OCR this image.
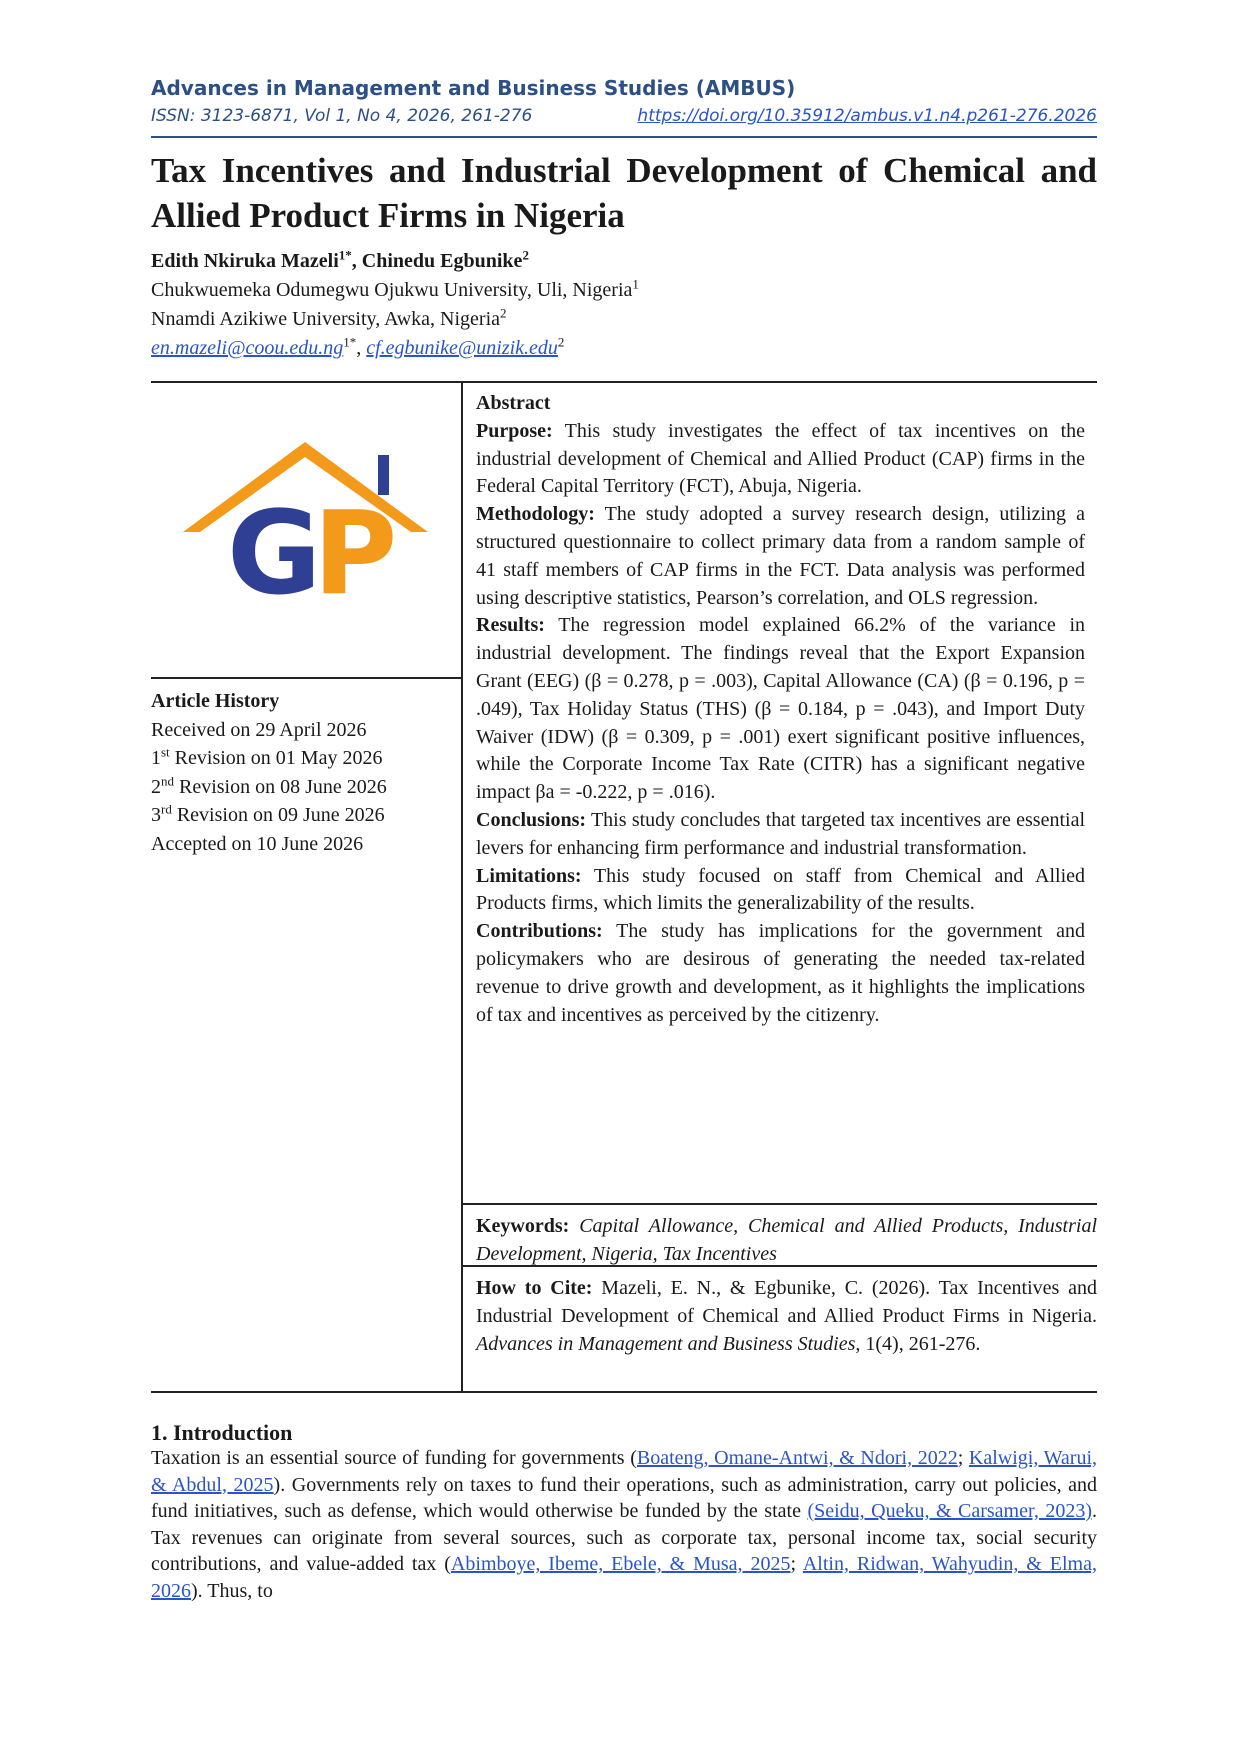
Advances in Management and Business Studies (AMBUS)
ISSN: 3123-6871, Vol 1, No 4, 2026, 261-276	https://doi.org/10.35912/ambus.v1.n4.p261-276.2026
Tax Incentives and Industrial Development of Chemical and Allied Product Firms in Nigeria
Edith Nkiruka Mazeli$^{1*}$, Chinedu Egbunike$^2$
Chukwuemeka Odumegwu Ojukwu University, Uli, Nigeria$^1$
Nnamdi Azikiwe University, Awka, Nigeria$^2$
$en.mazeli@coou.edu.ng^{1*}$, cf.egbunike@unizik.edu$^2$
G
P
Article History
Received on 29 April 2026
1st Revision on 01 May 2026
2nd Revision on 08 June 2026
3rd Revision on 09 June 2026
Accepted on 10 June 2026

Abstract

Purpose: This study investigates the effect of tax incentives on the industrial development of Chemical and Allied Product (CAP) firms in the Federal Capital Territory (FCT), Abuja, Nigeria.

Methodology: The study adopted a survey research design, utilizing a structured questionnaire to collect primary data from a random sample of 41 staff members of CAP firms in the FCT. Data analysis was performed using descriptive statistics, Pearson’s correlation, and OLS regression.

Results: The regression model explained 66.2% of the variance in industrial development. The findings reveal that the Export Expansion Grant (EEG) (β = 0.278, p = .003), Capital Allowance (CA) (β = 0.196, p = .049), Tax Holiday Status (THS) (β = 0.184, p = .043), and Import Duty Waiver (IDW) (β = 0.309, p = .001) exert significant positive influences, while the Corporate Income Tax Rate (CITR) has a significant negative impact βa = -0.222, p = .016).

Conclusions: This study concludes that targeted tax incentives are essential levers for enhancing firm performance and industrial transformation.

Limitations: This study focused on staff from Chemical and Allied Products firms, which limits the generalizability of the results.

Contributions: The study has implications for the government and policymakers who are desirous of generating the needed tax-related revenue to drive growth and development, as it highlights the implications of tax and incentives as perceived by the citizenry.

Keywords: Capital Allowance, Chemical and Allied Products, Industrial Development, Nigeria, Tax Incentives
How to Cite: Mazeli, E. N., & Egbunike, C. (2026). Tax Incentives and Industrial Development of Chemical and Allied Product Firms in Nigeria. Advances in Management and Business Studies, 1(4), 261-276.
1. Introduction

Taxation is an essential source of funding for governments (Boateng, Omane-Antwi, & Ndori, 2022; Kalwigi, Warui, & Abdul, 2025). Governments rely on taxes to fund their operations, such as administration, carry out policies, and fund initiatives, such as defense, which would otherwise be funded by the state (Seidu, Queku, & Carsamer, 2023). Tax revenues can originate from several sources, such as corporate tax, personal income tax, social security contributions, and value-added tax (Abimboye, Ibeme, Ebele, & Musa, 2025; Altin, Ridwan, Wahyudin, & Elma, 2026). Thus, to
